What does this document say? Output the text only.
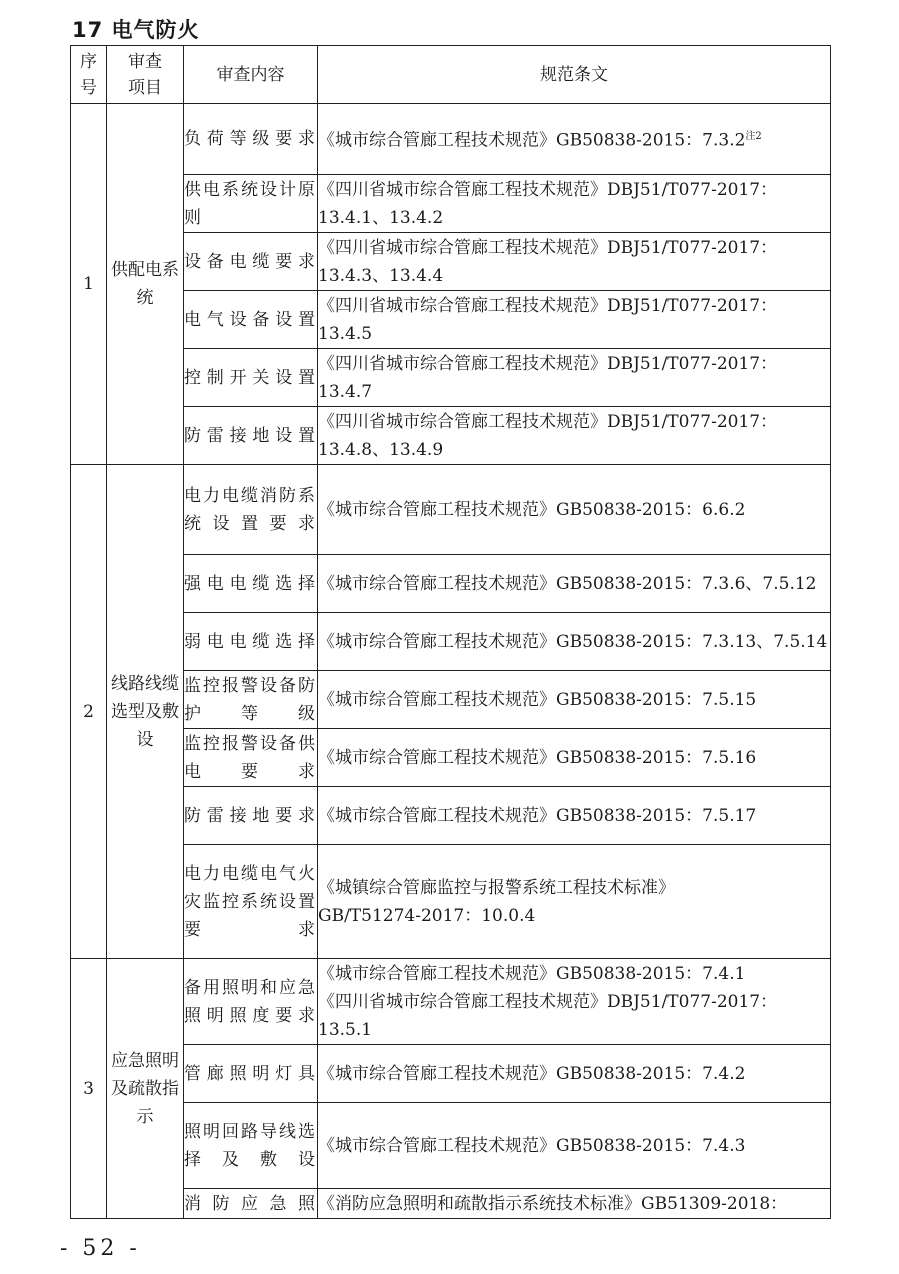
17 电气防火
序号	审查项目	审查内容	规范条文
1	供配电系统	负荷等级要求	《城市综合管廊工程技术规范》GB50838-2015：7.3.2$^{注2}$

		供电系统设计原则	《四川省城市综合管廊工程技术规范》DBJ51/T077-2017：
13.4.1、13.4.2

		设备电缆要求	《四川省城市综合管廊工程技术规范》DBJ51/T077-2017：
13.4.3、13.4.4

		电气设备设置	《四川省城市综合管廊工程技术规范》DBJ51/T077-2017：
13.4.5

		控制开关设置	《四川省城市综合管廊工程技术规范》DBJ51/T077-2017：
13.4.7

		防雷接地设置	《四川省城市综合管廊工程技术规范》DBJ51/T077-2017：
13.4.8、13.4.9

2	线路线缆选型及敷设	电力电缆消防系统设置要求	《城市综合管廊工程技术规范》GB50838-2015：6.6.2

		强电电缆选择	《城市综合管廊工程技术规范》GB50838-2015：7.3.6、7.5.12

		弱电电缆选择	《城市综合管廊工程技术规范》GB50838-2015：7.3.13、7.5.14

		监控报警设备防护等级	《城市综合管廊工程技术规范》GB50838-2015：7.5.15

		监控报警设备供电要求	《城市综合管廊工程技术规范》GB50838-2015：7.5.16

		防雷接地要求	《城市综合管廊工程技术规范》GB50838-2015：7.5.17

		电力电缆电气火灾监控系统设置要求	《城镇综合管廊监控与报警系统工程技术标准》
GB/T51274-2017：10.0.4

3	应急照明及疏散指示	备用照明和应急照明照度要求	《城市综合管廊工程技术规范》GB50838-2015：7.4.1
《四川省城市综合管廊工程技术规范》DBJ51/T077-2017：
13.5.1

		管廊照明灯具	《城市综合管廊工程技术规范》GB50838-2015：7.4.2

		照明回路导线选择及敷设	《城市综合管廊工程技术规范》GB50838-2015：7.4.3

		消防应急照	《消防应急照明和疏散指示系统技术标准》GB51309-2018：
- 52 -
